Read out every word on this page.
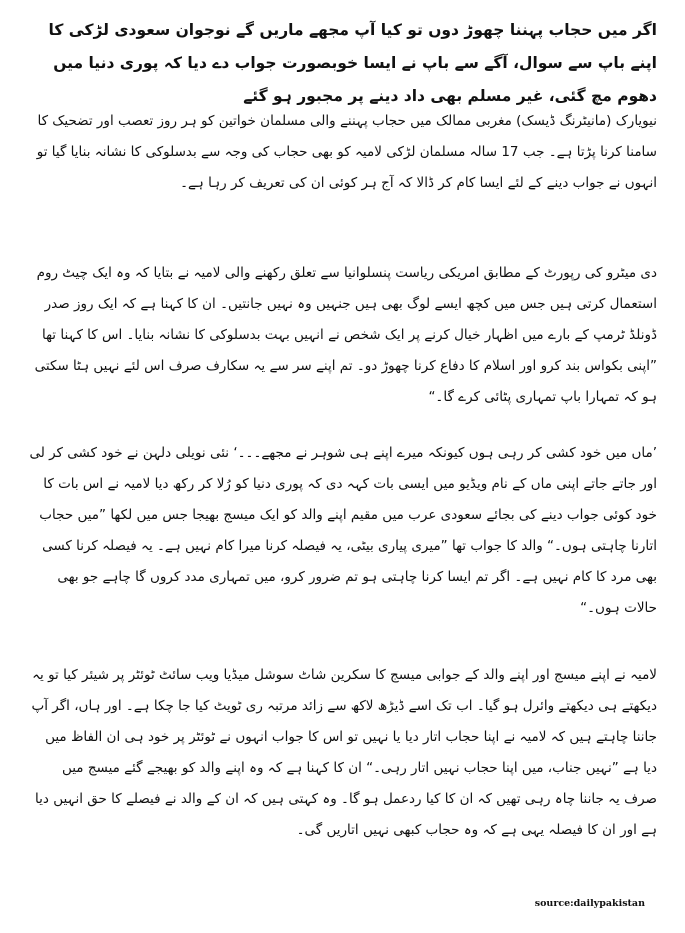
اگر میں حجاب پہننا چھوڑ دوں تو کیا آپ مجھے ماریں گے نوجوان سعودی لڑکی کا اپنے باپ سے سوال، آگے سے باپ نے ایسا خوبصورت جواب دے دیا کہ پوری دنیا میں دھوم مچ گئی، غیر مسلم بھی داد دینے پر مجبور ہو گئے
نیویارک (مانیٹرنگ ڈیسک) مغربی ممالک میں حجاب پہننے والی مسلمان خواتین کو ہر روز تعصب اور تضحیک کا سامنا کرنا پڑتا ہے۔ جب 17 سالہ مسلمان لڑکی لامیہ کو بھی حجاب کی وجہ سے بدسلوکی کا نشانہ بنایا گیا تو انہوں نے جواب دینے کے لئے ایسا کام کر ڈالا کہ آج ہر کوئی ان کی تعریف کر رہا ہے۔
دی میٹرو کی رپورٹ کے مطابق امریکی ریاست پنسلوانیا سے تعلق رکھنے والی لامیہ نے بتایا کہ وہ ایک چیٹ روم استعمال کرتی ہیں جس میں کچھ ایسے لوگ بھی ہیں جنہیں وہ نہیں جانتیں۔ ان کا کہنا ہے کہ ایک روز صدر ڈونلڈ ٹرمپ کے بارے میں اظہار خیال کرنے پر ایک شخص نے انہیں بہت بدسلوکی کا نشانہ بنایا۔ اس کا کہنا تھا ”اپنی بکواس بند کرو اور اسلام کا دفاع کرنا چھوڑ دو۔ تم اپنے سر سے یہ سکارف صرف اس لئے نہیں ہٹا سکتی ہو کہ تمہارا باپ تمہاری پٹائی کرے گا۔“
’ماں میں خود کشی کر رہی ہوں کیونکہ میرے اپنے ہی شوہر نے مجھے۔۔۔‘ نئی نویلی دلہن نے خود کشی کر لی اور جاتے جاتے اپنی ماں کے نام ویڈیو میں ایسی بات کہہ دی کہ پوری دنیا کو رُلا کر رکھ دیا لامیہ نے اس بات کا خود کوئی جواب دینے کی بجائے سعودی عرب میں مقیم اپنے والد کو ایک میسج بھیجا جس میں لکھا ”میں حجاب اتارنا چاہتی ہوں۔“ والد کا جواب تھا ”میری پیاری بیٹی، یہ فیصلہ کرنا میرا کام نہیں ہے۔ یہ فیصلہ کرنا کسی بھی مرد کا کام نہیں ہے۔ اگر تم ایسا کرنا چاہتی ہو تم ضرور کرو، میں تمہاری مدد کروں گا چاہے جو بھی حالات ہوں۔“
لامیہ نے اپنے میسج اور اپنے والد کے جوابی میسج کا سکرین شاٹ سوشل میڈیا ویب سائٹ ٹوئٹر پر شیئر کیا تو یہ دیکھتے ہی دیکھتے وائرل ہو گیا۔ اب تک اسے ڈیڑھ لاکھ سے زائد مرتبہ ری ٹویٹ کیا جا چکا ہے۔ اور ہاں، اگر آپ جاننا چاہتے ہیں کہ لامیہ نے اپنا حجاب اتار دیا یا نہیں تو اس کا جواب انہوں نے ٹوئٹر پر خود ہی ان الفاظ میں دیا ہے ”نہیں جناب، میں اپنا حجاب نہیں اتار رہی۔“ ان کا کہنا ہے کہ وہ اپنے والد کو بھیجے گئے میسج میں صرف یہ جاننا چاہ رہی تھیں کہ ان کا کیا ردعمل ہو گا۔ وہ کہتی ہیں کہ ان کے والد نے فیصلے کا حق انہیں دیا ہے اور ان کا فیصلہ یہی ہے کہ وہ حجاب کبھی نہیں اتاریں گی۔
source:dailypakistan
